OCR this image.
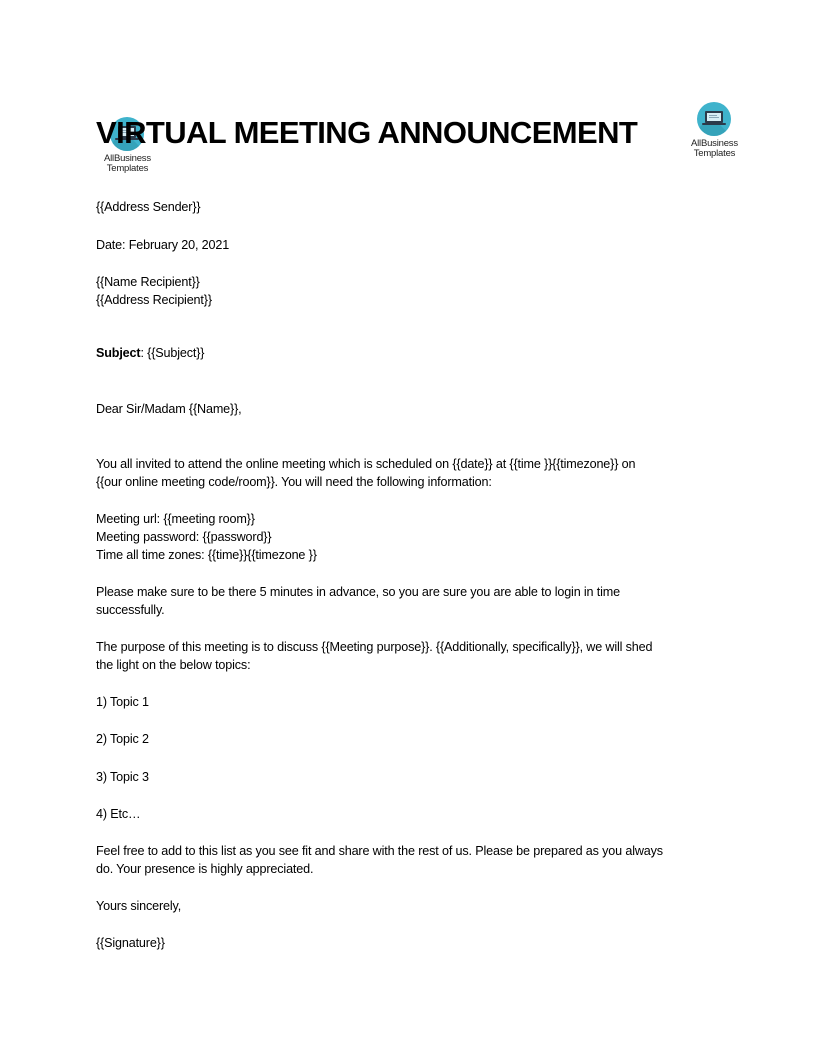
AllBusiness
Templates
VIRTUAL MEETING ANNOUNCEMENT	AllBusiness
Templates
{{Address Sender}}
Date: February 20, 2021
{{Name Recipient}}
{{Address Recipient}}
Subject: {{Subject}}
Dear Sir/Madam {{Name}},
You all invited to attend the online meeting which is scheduled on {{date}} at {{time }}{{timezone}} on
{{our online meeting code/room}}. You will need the following information:
Meeting url: {{meeting room}}
Meeting password: {{password}}
Time all time zones: {{time}}{{timezone }}
Please make sure to be there 5 minutes in advance, so you are sure you are able to login in time
successfully.
The purpose of this meeting is to discuss {{Meeting purpose}}. {{Additionally, specifically}}, we will shed
the light on the below topics:
1) Topic 1
2) Topic 2
3) Topic 3
4) Etc…
Feel free to add to this list as you see fit and share with the rest of us. Please be prepared as you always
do. Your presence is highly appreciated.
Yours sincerely,
{{Signature}}
